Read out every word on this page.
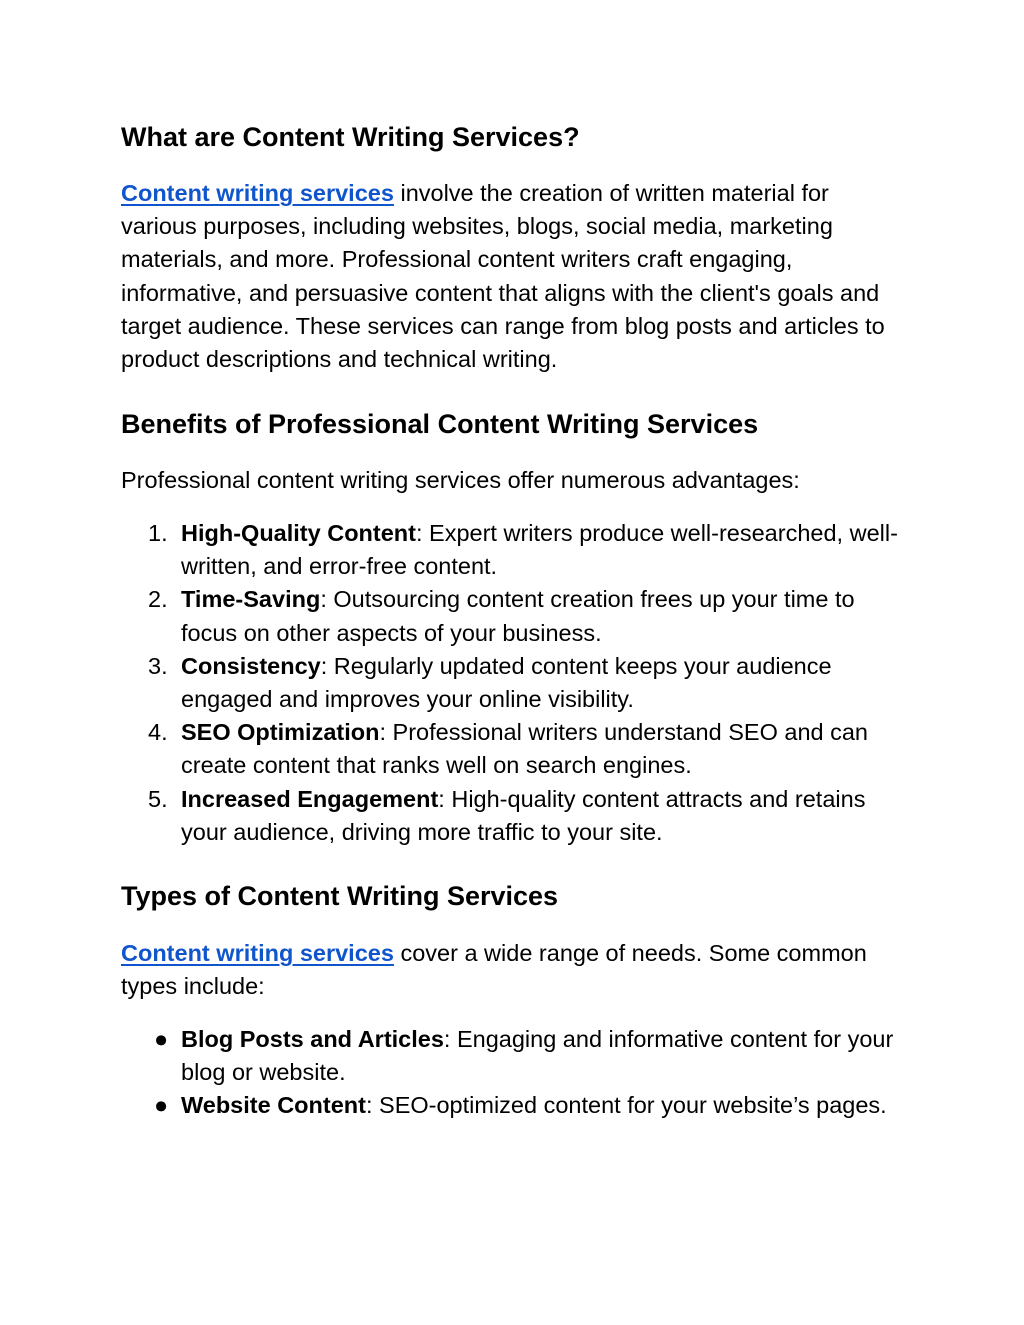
What are Content Writing Services?

Content writing services involve the creation of written material for various purposes, including websites, blogs, social media, marketing materials, and more. Professional content writers craft engaging, informative, and persuasive content that aligns with the client's goals and target audience. These services can range from blog posts and articles to product descriptions and technical writing.

Benefits of Professional Content Writing Services

Professional content writing services offer numerous advantages:

1. High-Quality Content: Expert writers produce well-researched, well-written, and error-free content.
2. Time-Saving: Outsourcing content creation frees up your time to focus on other aspects of your business.
3. Consistency: Regularly updated content keeps your audience engaged and improves your online visibility.
4. SEO Optimization: Professional writers understand SEO and can create content that ranks well on search engines.
5. Increased Engagement: High-quality content attracts and retains your audience, driving more traffic to your site.
Types of Content Writing Services

Content writing services cover a wide range of needs. Some common types include:

● Blog Posts and Articles: Engaging and informative content for your blog or website.
● Website Content: SEO-optimized content for your website’s pages.
